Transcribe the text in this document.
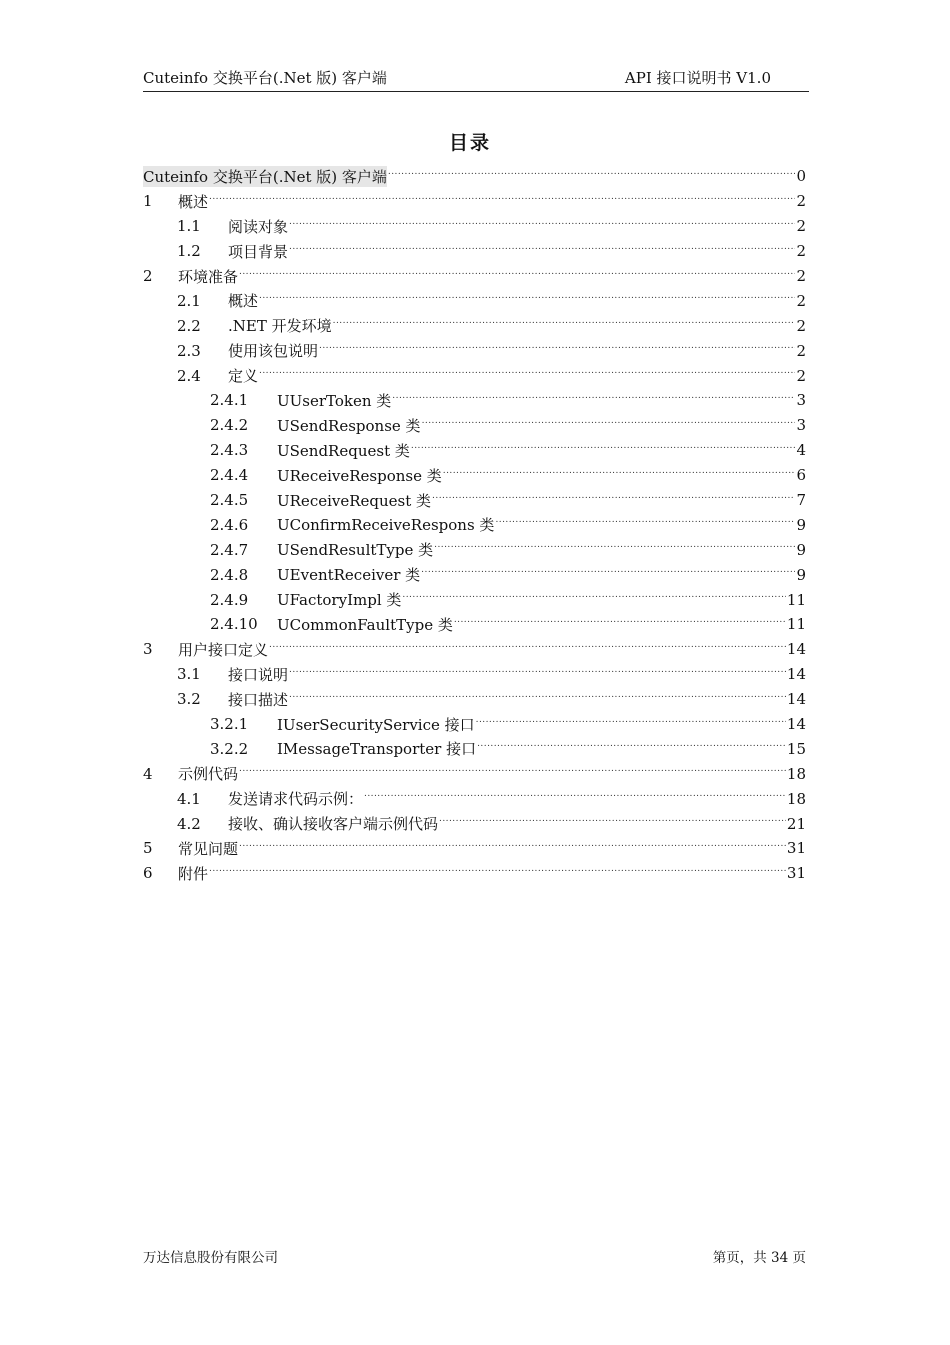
Cuteinfo 交换平台(.Net 版) 客户端	API 接口说明书 V1.0
目录
Cuteinfo 交换平台(.Net 版) 客户端 . . .	0
1	概述 . . .	2
1.1	阅读对象 . . .	2
1.2	项目背景 . . .	2
2	环境准备 . . .	2
2.1	概述 . . .	2
2.2	.NET 开发环境 . . .	2
2.3	使用该包说明 . . .	2
2.4	定义 . . .	2
2.4.1	UUserToken 类 . . .	3
2.4.2	USendResponse 类 . . .	3
2.4.3	USendRequest 类 . . .	4
2.4.4	UReceiveResponse 类 . . .	6
2.4.5	UReceiveRequest 类 . . .	7
2.4.6	UConfirmReceiveRespons 类 . . .	9
2.4.7	USendResultType 类 . . .	9
2.4.8	UEventReceiver 类 . . .	9
2.4.9	UFactoryImpl 类 . . .	11
2.4.10	UCommonFaultType 类 . . .	11
3	用户接口定义 . . .	14
3.1	接口说明 . . .	14
3.2	接口描述 . . .	14
3.2.1	IUserSecurityService 接口 . . .	14
3.2.2	IMessageTransporter 接口 . . .	15
4	示例代码 . . .	18
4.1	发送请求代码示例： . . .	18
4.2	接收、确认接收客户端示例代码 . . .	21
5	常见问题 . . .	31
6	附件 . . .	31
万达信息股份有限公司	第页，共 34 页
